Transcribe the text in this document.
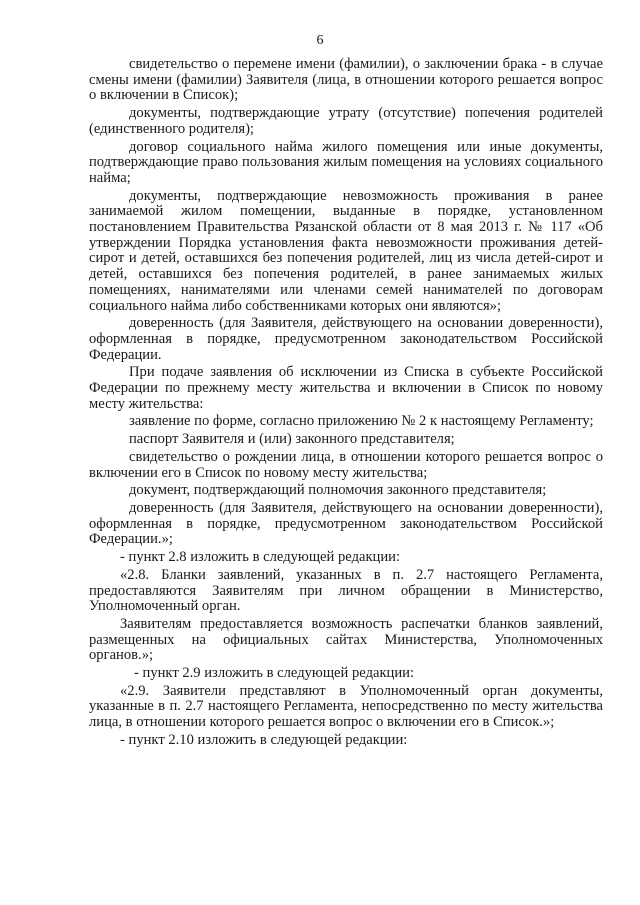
6

свидетельство о перемене имени (фамилии), о заключении брака - в случае смены имени (фамилии) Заявителя (лица, в отношении которого решается вопрос о включении в Список);

документы, подтверждающие утрату (отсутствие) попечения родителей (единственного родителя);

договор социального найма жилого помещения или иные документы, подтверждающие право пользования жилым помещения на условиях социального найма;

документы, подтверждающие невозможность проживания в ранее занимаемой жилом помещении, выданные в порядке, установленном постановлением Правительства Рязанской области от 8 мая 2013 г. № 117 «Об утверждении Порядка установления факта невозможности проживания детей-сирот и детей, оставшихся без попечения родителей, лиц из числа детей-сирот и детей, оставшихся без попечения родителей, в ранее занимаемых жилых помещениях, нанимателями или членами семей нанимателей по договорам социального найма либо собственниками которых они являются»;

доверенность (для Заявителя, действующего на основании доверенности), оформленная в порядке, предусмотренном законодательством Российской Федерации.

При подаче заявления об исключении из Списка в субъекте Российской Федерации по прежнему месту жительства и включении в Список по новому месту жительства:

заявление по форме, согласно приложению № 2 к настоящему Регламенту;

паспорт Заявителя и (или) законного представителя;

свидетельство о рождении лица, в отношении которого решается вопрос о включении его в Список по новому месту жительства;

документ, подтверждающий полномочия законного представителя;

доверенность (для Заявителя, действующего на основании доверенности), оформленная в порядке, предусмотренном законодательством Российской Федерации.»;

- пункт 2.8 изложить в следующей редакции:

«2.8. Бланки заявлений, указанных в п. 2.7 настоящего Регламента, предоставляются Заявителям при личном обращении в Министерство, Уполномоченный орган.

Заявителям предоставляется возможность распечатки бланков заявлений, размещенных на официальных сайтах Министерства, Уполномоченных органов.»;

- пункт 2.9 изложить в следующей редакции:

«2.9. Заявители представляют в Уполномоченный орган документы, указанные в п. 2.7 настоящего Регламента, непосредственно по месту жительства лица, в отношении которого решается вопрос о включении его в Список.»;

- пункт 2.10 изложить в следующей редакции:
